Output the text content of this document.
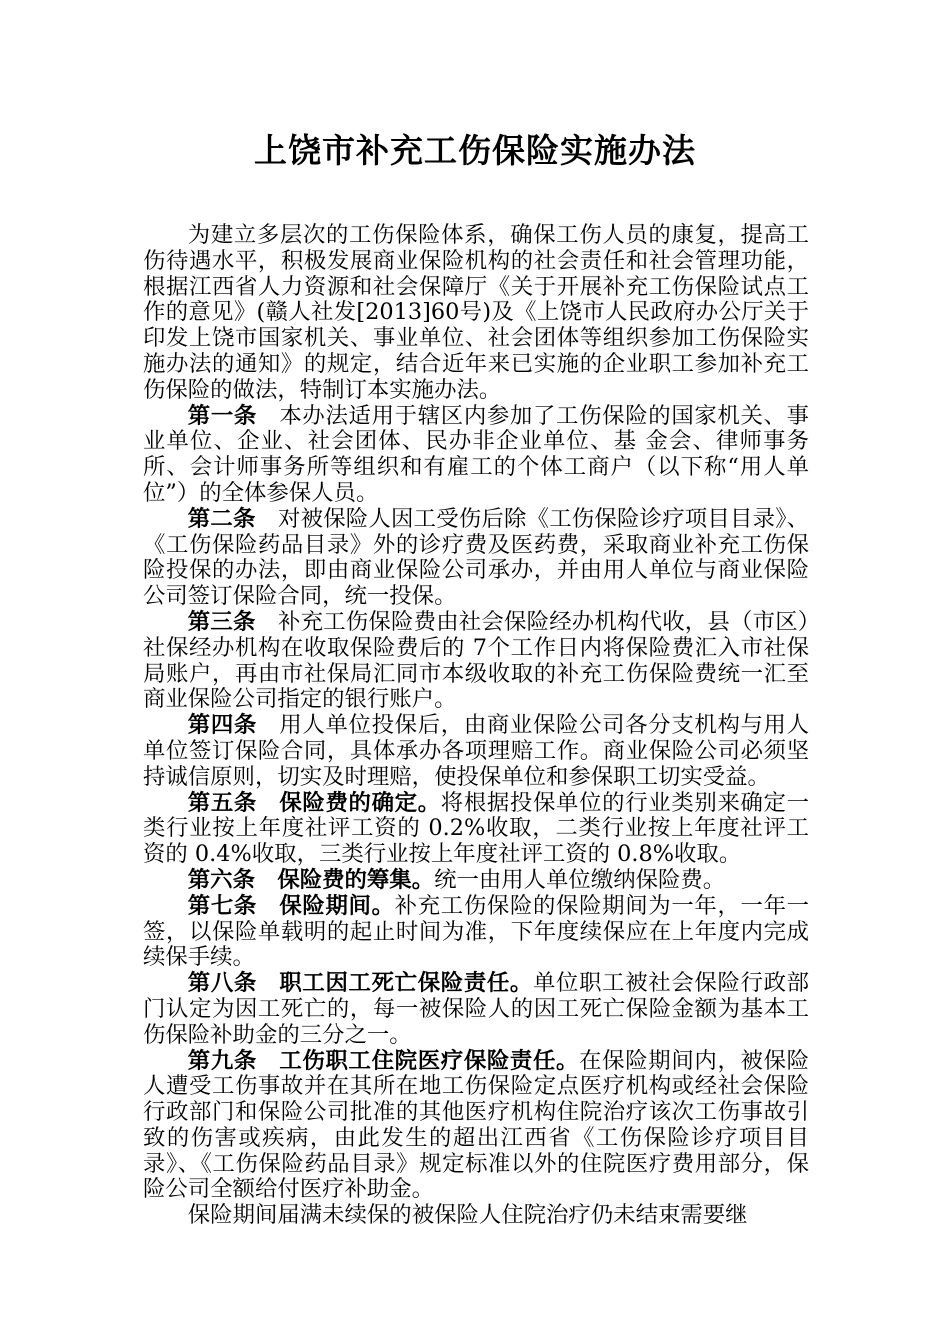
上饶市补充工伤保险实施办法

为建立多层次的工伤保险体系，确保工伤人员的康复，提高工伤待遇水平，积极发展商业保险机构的社会责任和社会管理功能，根据江西省人力资源和社会保障厅《关于开展补充工伤保险试点工作的意见》(赣人社发[2013]60号)及《上饶市人民政府办公厅关于印发上饶市国家机关、事业单位、社会团体等组织参加工伤保险实施办法的通知》的规定，结合近年来已实施的企业职工参加补充工伤保险的做法，特制订本实施办法。

第一条 本办法适用于辖区内参加了工伤保险的国家机关、事业单位、企业、社会团体、民办非企业单位、基 金会、律师事务所、会计师事务所等组织和有雇工的个体工商户（以下称“用人单位”）的全体参保人员。

第二条 对被保险人因工受伤后除《工伤保险诊疗项目目录》、《工伤保险药品目录》外的诊疗费及医药费，采取商业补充工伤保险投保的办法，即由商业保险公司承办，并由用人单位与商业保险公司签订保险合同，统一投保。

第三条 补充工伤保险费由社会保险经办机构代收，县（市区）社保经办机构在收取保险费后的 7个工作日内将保险费汇入市社保局账户，再由市社保局汇同市本级收取的补充工伤保险费统一汇至商业保险公司指定的银行账户。

第四条 用人单位投保后，由商业保险公司各分支机构与用人单位签订保险合同，具体承办各项理赔工作。商业保险公司必须坚持诚信原则，切实及时理赔，使投保单位和参保职工切实受益。

第五条 保险费的确定。将根据投保单位的行业类别来确定一类行业按上年度社评工资的 0.2%收取，二类行业按上年度社评工资的 0.4%收取，三类行业按上年度社评工资的 0.8%收取。

第六条 保险费的筹集。统一由用人单位缴纳保险费。

第七条 保险期间。补充工伤保险的保险期间为一年，一年一签，以保险单载明的起止时间为准，下年度续保应在上年度内完成续保手续。

第八条 职工因工死亡保险责任。单位职工被社会保险行政部门认定为因工死亡的，每一被保险人的因工死亡保险金额为基本工伤保险补助金的三分之一。

第九条 工伤职工住院医疗保险责任。在保险期间内，被保险人遭受工伤事故并在其所在地工伤保险定点医疗机构或经社会保险行政部门和保险公司批准的其他医疗机构住院治疗该次工伤事故引致的伤害或疾病，由此发生的超出江西省《工伤保险诊疗项目目录》、《工伤保险药品目录》规定标准以外的住院医疗费用部分，保险公司全额给付医疗补助金。

保险期间届满未续保的被保险人住院治疗仍未结束需要继
